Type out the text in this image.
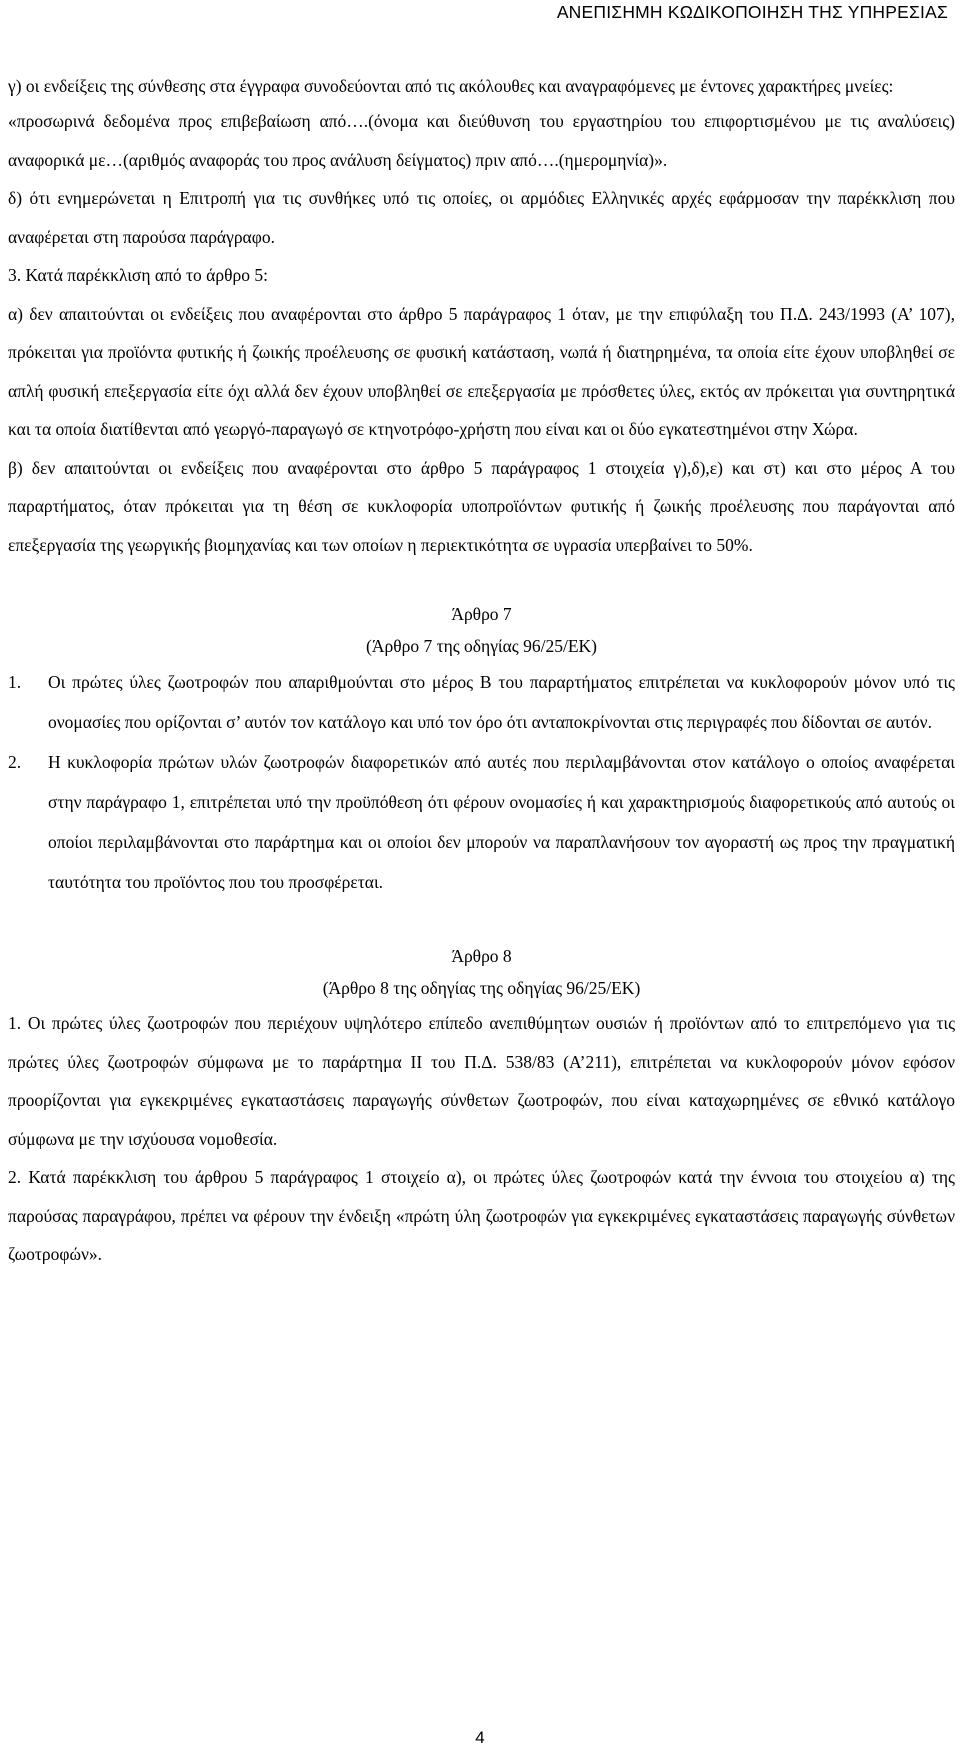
ΑΝΕΠΙΣΗΜΗ ΚΩΔΙΚΟΠΟΙΗΣΗ ΤΗΣ ΥΠΗΡΕΣΙΑΣ

γ) οι ενδείξεις της σύνθεσης στα έγγραφα συνοδεύονται από τις ακόλουθες και αναγραφόμενες με έντονες χαρακτήρες μνείες:

«προσωρινά δεδομένα προς επιβεβαίωση από….(όνομα και διεύθυνση του εργαστηρίου του επιφορτισμένου με τις αναλύσεις) αναφορικά με…(αριθμός αναφοράς του προς ανάλυση δείγματος) πριν από….(ημερομηνία)».

δ) ότι ενημερώνεται η Επιτροπή για τις συνθήκες υπό τις οποίες, οι αρμόδιες Ελληνικές αρχές εφάρμοσαν την παρέκκλιση που αναφέρεται στη παρούσα παράγραφο.

3. Κατά παρέκκλιση από το άρθρο 5:

α) δεν απαιτούνται οι ενδείξεις που αναφέρονται στο άρθρο 5 παράγραφος 1 όταν, με την επιφύλαξη του Π.Δ. 243/1993 (Α’ 107), πρόκειται για προϊόντα φυτικής ή ζωικής προέλευσης σε φυσική κατάσταση, νωπά ή διατηρημένα, τα οποία είτε έχουν υποβληθεί σε απλή φυσική επεξεργασία είτε όχι αλλά δεν έχουν υποβληθεί σε επεξεργασία με πρόσθετες ύλες, εκτός αν πρόκειται για συντηρητικά και τα οποία διατίθενται από γεωργό-παραγωγό σε κτηνοτρόφο-χρήστη που είναι και οι δύο εγκατεστημένοι στην Χώρα.

β) δεν απαιτούνται οι ενδείξεις που αναφέρονται στο άρθρο 5 παράγραφος 1 στοιχεία γ),δ),ε) και στ) και στο μέρος Α του παραρτήματος, όταν πρόκειται για τη θέση σε κυκλοφορία υποπροϊόντων φυτικής ή ζωικής προέλευσης που παράγονται από επεξεργασία της γεωργικής βιομηχανίας και των οποίων η περιεκτικότητα σε υγρασία υπερβαίνει το 50%.

Άρθρο 7

(Άρθρο 7 της οδηγίας 96/25/ΕΚ)

1.	Οι πρώτες ύλες ζωοτροφών που απαριθμούνται στο μέρος Β του παραρτήματος επιτρέπεται να κυκλοφορούν μόνον υπό τις ονομασίες που ορίζονται σ’ αυτόν τον κατάλογο και υπό τον όρο ότι ανταποκρίνονται στις περιγραφές που δίδονται σε αυτόν.
2.	Η κυκλοφορία πρώτων υλών ζωοτροφών διαφορετικών από αυτές που περιλαμβάνονται στον κατάλογο ο οποίος αναφέρεται στην παράγραφο 1, επιτρέπεται υπό την προϋπόθεση ότι φέρουν ονομασίες ή και χαρακτηρισμούς διαφορετικούς από αυτούς οι οποίοι περιλαμβάνονται στο παράρτημα και οι οποίοι δεν μπορούν να παραπλανήσουν τον αγοραστή ως προς την πραγματική ταυτότητα του προϊόντος που του προσφέρεται.

Άρθρο 8

(Άρθρο 8 της οδηγίας της οδηγίας 96/25/ΕΚ)

1. Οι πρώτες ύλες ζωοτροφών που περιέχουν υψηλότερο επίπεδο ανεπιθύμητων ουσιών ή προϊόντων από το επιτρεπόμενο για τις πρώτες ύλες ζωοτροφών σύμφωνα με το παράρτημα ΙΙ του Π.Δ. 538/83 (Α’211), επιτρέπεται να κυκλοφορούν μόνον εφόσον προορίζονται για εγκεκριμένες εγκαταστάσεις παραγωγής σύνθετων ζωοτροφών, που είναι καταχωρημένες σε εθνικό κατάλογο σύμφωνα με την ισχύουσα νομοθεσία.

2. Κατά παρέκκλιση του άρθρου 5 παράγραφος 1 στοιχείο α), οι πρώτες ύλες ζωοτροφών κατά την έννοια του στοιχείου α) της παρούσας παραγράφου, πρέπει να φέρουν την ένδειξη «πρώτη ύλη ζωοτροφών για εγκεκριμένες εγκαταστάσεις παραγωγής σύνθετων ζωοτροφών».

4
